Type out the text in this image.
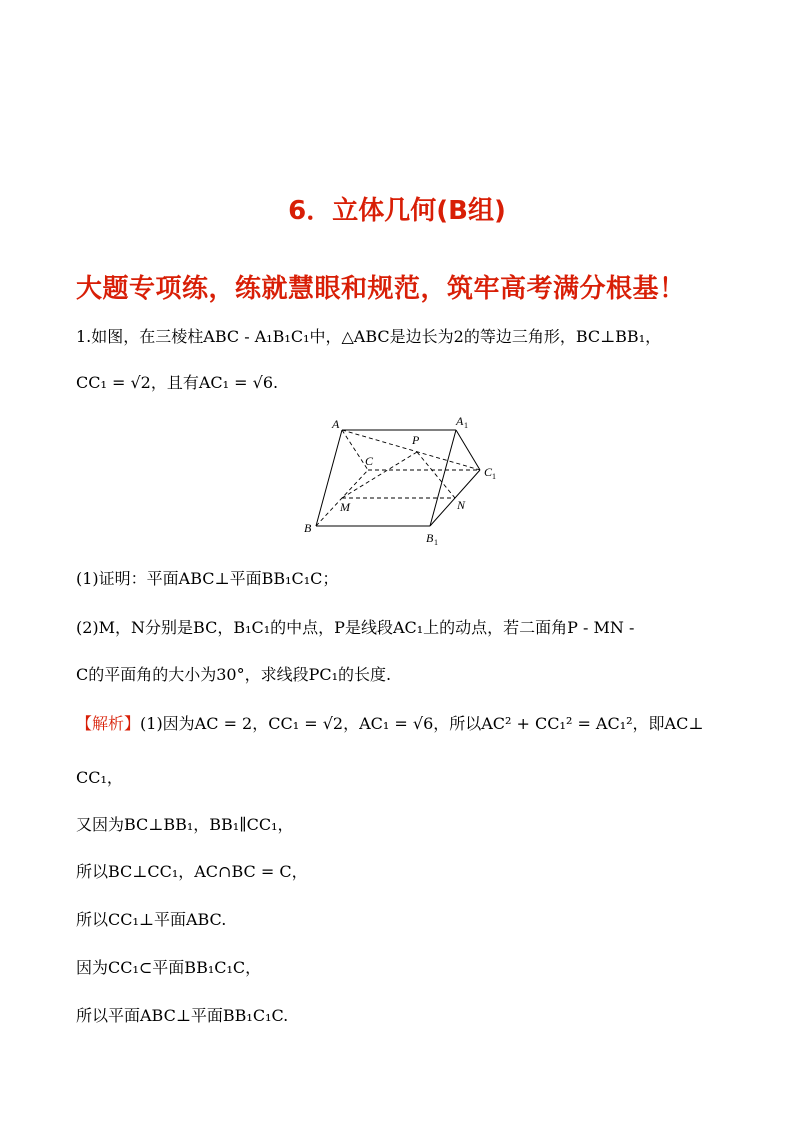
6．立体几何(B组)
大题专项练，练就慧眼和规范，筑牢高考满分根基！
1.如图，在三棱柱ABC - A₁B₁C₁中，△ABC是边长为2的等边三角形，BC⊥BB₁，
CC₁ = √2，且有AC₁ = √6.
A	A 1
P
C
C 1
M	N
B
B 1
(1)证明：平面ABC⊥平面BB₁C₁C；
(2)M，N分别是BC，B₁C₁的中点，P是线段AC₁上的动点，若二面角P - MN -
C的平面角的大小为30°，求线段PC₁的长度.
【解析】(1)因为AC = 2，CC₁ = √2，AC₁ = √6，所以AC² + CC₁² = AC₁²，即AC⊥
CC₁，
又因为BC⊥BB₁，BB₁∥CC₁，
所以BC⊥CC₁，AC∩BC = C，
所以CC₁⊥平面ABC.
因为CC₁⊂平面BB₁C₁C，
所以平面ABC⊥平面BB₁C₁C.
